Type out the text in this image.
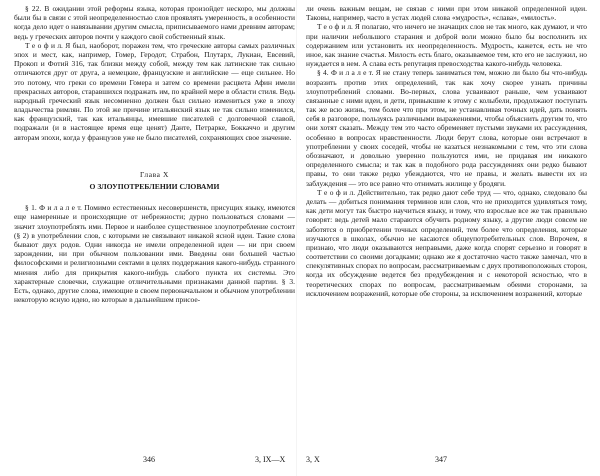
§ 22. В ожидании этой реформы языка, которая произойдет нескоро, мы должны были бы в связи с этой неопределенностью слов проявлять умеренность, в особенности когда дело идет о навязывании другим смысла, приписываемого нами древним авторам; ведь у греческих авторов почти у каждого свой собственный язык.

Т е о ф и л. Я был, наоборот, поражен тем, что греческие авторы самых различных эпох и мест, как, например, Гомер, Геродот, Страбон, Плутарх, Лукиан, Евсевий, Прокоп и Фотий 316, так близки между собой, между тем как латинские так сильно отличаются друг от друга, а немецкие, французские и английские — еще сильнее. Но это потому, что греки со времени Гомера и затем со времени расцвета Афин имели прекрасных авторов, старавшихся подражать им, по крайней мере в области стиля. Ведь народный греческий язык несомненно должен был сильно измениться уже в эпоху владычества римлян. По этой же причине итальянский язык не так сильно изменился, как французский, так как итальянцы, имевшие писателей с долговечной славой, подражали (и в настоящее время еще ценят) Данте, Петрарке, Боккаччо и другим авторам эпохи, когда у французов уже не было писателей, сохраняющих свое значение.

Глава X
О ЗЛОУПОТРЕБЛЕНИИ СЛОВАМИ

§ 1. Ф и л а л е т. Помимо естественных несовершенств, присущих языку, имеются еще намеренные и происходящие от небрежности; дурно пользоваться словами — значит злоупотреблять ими. Первое и наиболее существенное злоупотребление состоит (§ 2) в употреблении слов, с которыми не связывают никакой ясной идеи. Такие слова бывают двух родов. Одни никогда не имели определенной идеи — ни при своем зарождении, ни при обычном пользовании ими. Введены они большей частью философскими и религиозными сектами в целях поддержания какого-нибудь странного мнения либо для прикрытия какого-нибудь слабого пункта их системы. Это характерные словечки, служащие отличительными признаками данной партии. § 3. Есть, однако, другие слова, имеющие в своем первоначальном и обычном употреблении некоторую ясную идею, но которые в дальнейшем присое-

ли очень важным вещам, не связав с ними при этом никакой определенной идеи. Таковы, например, часто в устах людей слова «мудрость», «слава», «милость».

Т е о ф и л. Я полагаю, что ничего не значащих слов не так много, как думают, и что при наличии небольшого старания и доброй воли можно было бы восполнить их содержанием или установить их неопределенность. Мудрость, кажется, есть не что иное, как знание счастья. Милость есть благо, оказываемое тем, кто его не заслужил, но нуждается в нем. А слава есть репутация превосходства какого-нибудь человека.

§ 4. Ф и л а л е т. Я не стану теперь заниматься тем, можно ли было бы что-нибудь возразить против этих определений, так как хочу скорее узнать причины злоупотреблений словами. Во-первых, слова усваивают раньше, чем усваивают связанные с ними идеи, и дети, привыкшие к этому с колыбели, продолжают поступать так же всю жизнь, тем более что при этом, не устанавливая точных идей, дать понять себя в разговоре, пользуясь различными выражениями, чтобы объяснить другим то, что они хотят сказать. Между тем это часто обременяет пустыми звуками их рассуждения, особенно в вопросах нравственности. Люди берут слова, которые они встречают в употреблении у своих соседей, чтобы не казаться незнакомыми с тем, что эти слова обозначают, и довольно уверенно пользуются ими, не придавая им никакого определенного смысла; и так как в подобного рода рассуждениях они редко бывают правы, то они также редко убеждаются, что не правы, и желать вывести их из заблуждения — это все равно что отнимать жилище у бродяги.

Т е о ф и л. Действительно, так редко дают себе труд — что, однако, следовало бы делать — добиться понимания терминов или слов, что не приходится удивляться тому, как дети могут так быстро научиться языку, и тому, что взрослые все же так правильно говорят: ведь детей мало стараются обучить родному языку, а другие люди совсем не заботятся о приобретении точных определений, тем более что определения, которые изучаются в школах, обычно не касаются общеупотребительных слов. Впрочем, я признаю, что люди оказываются неправыми, даже когда спорят серьезно и говорят в соответствии со своими догадками; однако же я достаточно часто также замечал, что в спекулятивных спорах по вопросам, рассматриваемым с двух противоположных сторон, когда их обсуждение ведется без предубеждения и с некоторой ясностью, что в теоретических спорах по вопросам, рассматриваемым обеими сторонами, за исключением возражений, которые обе стороны, за исключением возражений, которые

346	3, IX—X	3, X	347
